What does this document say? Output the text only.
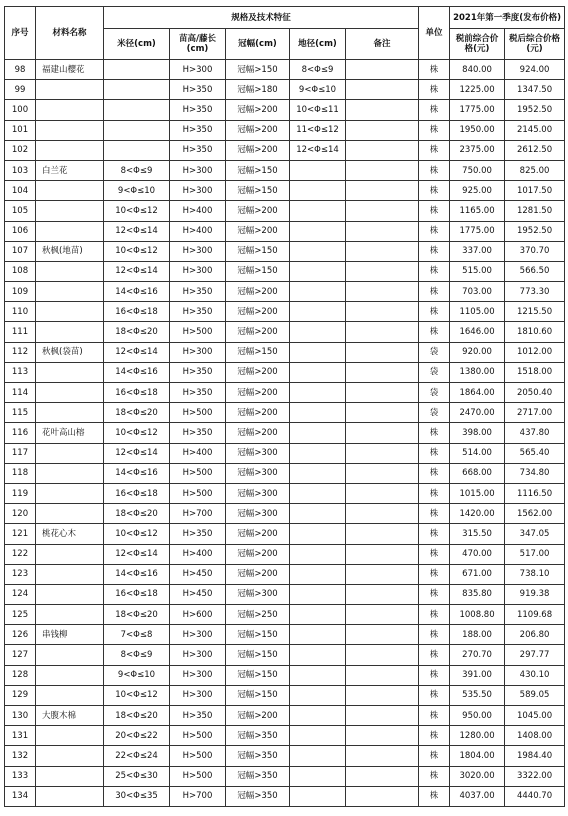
序号	材料名称	规格及技术特征					单位	2021年第一季度(发布价格)	
		米径(cm)	苗高/藤长(cm)	冠幅(cm)	地径(cm)	备注		税前综合价格(元)	税后综合价格(元)
98	福建山樱花		H>300	冠幅>150	8<Φ≤9		株	840.00	924.00
99			H>350	冠幅>180	9<Φ≤10		株	1225.00	1347.50
100			H>350	冠幅>200	10<Φ≤11		株	1775.00	1952.50
101			H>350	冠幅>200	11<Φ≤12		株	1950.00	2145.00
102			H>350	冠幅>200	12<Φ≤14		株	2375.00	2612.50
103	白兰花	8<Φ≤9	H>300	冠幅>150			株	750.00	825.00
104		9<Φ≤10	H>300	冠幅>150			株	925.00	1017.50
105		10<Φ≤12	H>400	冠幅>200			株	1165.00	1281.50
106		12<Φ≤14	H>400	冠幅>200			株	1775.00	1952.50
107	秋枫(地苗)	10<Φ≤12	H>300	冠幅>150			株	337.00	370.70
108		12<Φ≤14	H>300	冠幅>150			株	515.00	566.50
109		14<Φ≤16	H>350	冠幅>200			株	703.00	773.30
110		16<Φ≤18	H>350	冠幅>200			株	1105.00	1215.50
111		18<Φ≤20	H>500	冠幅>200			株	1646.00	1810.60
112	秋枫(袋苗)	12<Φ≤14	H>300	冠幅>150			袋	920.00	1012.00
113		14<Φ≤16	H>350	冠幅>200			袋	1380.00	1518.00
114		16<Φ≤18	H>350	冠幅>200			袋	1864.00	2050.40
115		18<Φ≤20	H>500	冠幅>200			袋	2470.00	2717.00
116	花叶高山榕	10<Φ≤12	H>350	冠幅>200			株	398.00	437.80
117		12<Φ≤14	H>400	冠幅>300			株	514.00	565.40
118		14<Φ≤16	H>500	冠幅>300			株	668.00	734.80
119		16<Φ≤18	H>500	冠幅>300			株	1015.00	1116.50
120		18<Φ≤20	H>700	冠幅>300			株	1420.00	1562.00
121	桃花心木	10<Φ≤12	H>350	冠幅>200			株	315.50	347.05
122		12<Φ≤14	H>400	冠幅>200			株	470.00	517.00
123		14<Φ≤16	H>450	冠幅>200			株	671.00	738.10
124		16<Φ≤18	H>450	冠幅>300			株	835.80	919.38
125		18<Φ≤20	H>600	冠幅>250			株	1008.80	1109.68
126	串钱柳	7<Φ≤8	H>300	冠幅>150			株	188.00	206.80
127		8<Φ≤9	H>300	冠幅>150			株	270.70	297.77
128		9<Φ≤10	H>300	冠幅>150			株	391.00	430.10
129		10<Φ≤12	H>300	冠幅>150			株	535.50	589.05
130	大腹木棉	18<Φ≤20	H>350	冠幅>200			株	950.00	1045.00
131		20<Φ≤22	H>500	冠幅>350			株	1280.00	1408.00
132		22<Φ≤24	H>500	冠幅>350			株	1804.00	1984.40
133		25<Φ≤30	H>500	冠幅>350			株	3020.00	3322.00
134		30<Φ≤35	H>700	冠幅>350			株	4037.00	4440.70
